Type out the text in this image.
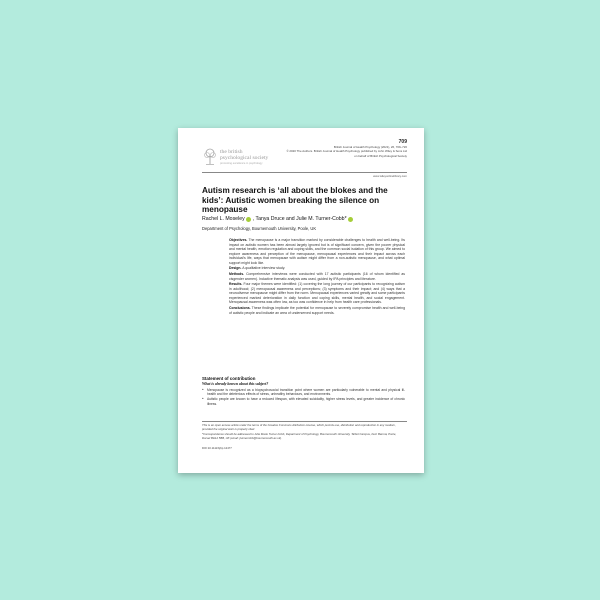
709
the british
psychological society
promoting excellence in psychology
British Journal of Health Psychology (2021), 26, 709–726
© 2020 The Authors. British Journal of Health Psychology published by John Wiley & Sons Ltd
on behalf of British Psychological Society
www.wileyonlinelibrary.com
Autism research is ‘all about the blokes and the kids’: Autistic women breaking the silence on menopause
Rachel L. Moseley , Tanya Druce and Julie M. Turner-Cobb*
Department of Psychology, Bournemouth University, Poole, UK

Objectives. The menopause is a major transition marked by considerable challenges to health and well-being. Its impact on autistic women has been almost largely ignored but is of significant concern, given the poorer physical and mental health, emotion regulation and coping skills, and the common social isolation of this group. We aimed to explore awareness and perception of the menopause, menopausal experiences and their impact across each individual’s life, ways that menopause with autism might differ from a non-autistic menopause, and what optimal support might look like.

Design. A qualitative interview study.

Methods. Comprehensive interviews were conducted with 17 autistic participants (16 of whom identified as cisgender women). Inductive thematic analysis was used, guided by IPA principles and literature.

Results. Four major themes were identified: (1) covering the long journey of our participants to recognizing autism in adulthood; (2) menopausal awareness and perceptions; (3) symptoms and their impact; and (4) ways that a neurodiverse menopause might differ from the norm. Menopausal experiences varied greatly and some participants experienced marked deterioration in daily function and coping skills, mental health, and social engagement. Menopausal awareness was often low, as too was confidence in help from health care professionals.

Conclusions. These findings implicate the potential for menopause to severely compromise health and well-being of autistic people and indicate an area of underserved support needs.

Statement of contribution
What is already known about this subject?
● Menopause is recognized as a biopsychosocial transition point where women are particularly vulnerable to mental and physical ill-health and the deleterious effects of stress, unhealthy behaviours, and environments.
● Autistic people are known to have a reduced lifespan, with elevated suicidality, higher stress levels, and greater incidence of chronic illness.
This is an open access article under the terms of the Creative Commons Attribution License, which permits use, distribution and reproduction in any medium, provided the original work is properly cited.
*Correspondence should be addressed to Julie Marie Turner-Cobb, Department of Psychology, Bournemouth University, Talbot Campus, Fern Barrow, Poole, Dorset BH12 5BB, UK (email: jturnercobb@bournemouth.ac.uk).
DOI:10.1111/bjhp.12477
